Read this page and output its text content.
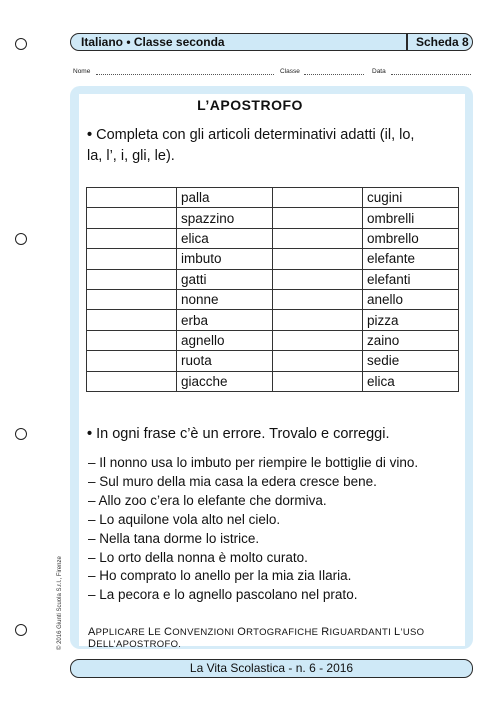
Italiano • Classe seconda	Scheda 8
Nome	Classe	Data
L’APOSTROFO
• Completa con gli articoli determinativi adatti (il, lo,
la, l’, i, gli, le).
	palla		cugini
	spazzino		ombrelli
	elica		ombrello
	imbuto		elefante
	gatti		elefanti
	nonne		anello
	erba		pizza
	agnello		zaino
	ruota		sedie
	giacche		elica
• In ogni frase c’è un errore. Trovalo e correggi.
– Il nonno usa lo imbuto per riempire le bottiglie di vino.
– Sul muro della mia casa la edera cresce bene.
– Allo zoo c’era lo elefante che dormiva.
– Lo aquilone vola alto nel cielo.
– Nella tana dorme lo istrice.
– Lo orto della nonna è molto curato.
– Ho comprato lo anello per la mia zia Ilaria.
– La pecora e lo agnello pascolano nel prato.
APPLICARE LE CONVENZIONI ORTOGRAFICHE RIGUARDANTI L’USO DELL’APOSTROFO.
© 2016 Giunti Scuola S.r.l., Firenze
La Vita Scolastica - n. 6 - 2016
